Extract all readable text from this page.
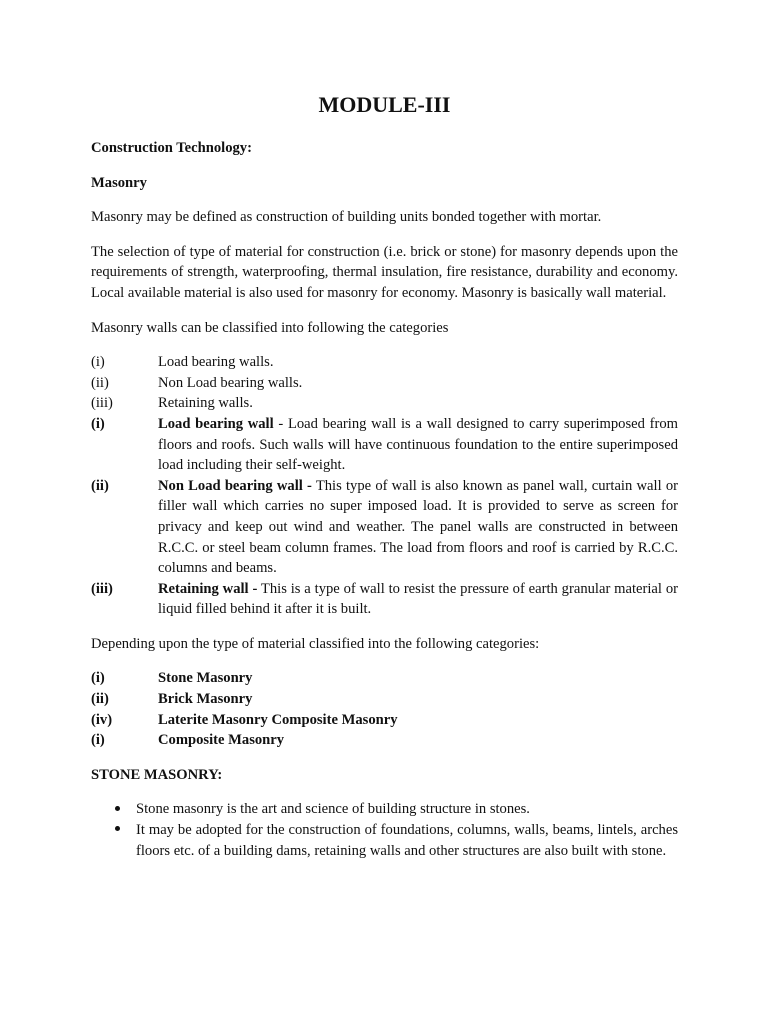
MODULE-III
Construction Technology:
Masonry

Masonry may be defined as construction of building units bonded together with mortar.

The selection of type of material for construction (i.e. brick or stone) for masonry depends upon the requirements of strength, waterproofing, thermal insulation, fire resistance, durability and economy. Local available material is also used for masonry for economy. Masonry is basically wall material.

Masonry walls can be classified into following the categories

(i)	Load bearing walls.
(ii)	Non Load bearing walls.
(iii)	Retaining walls.
(i)	Load bearing wall - Load bearing wall is a wall designed to carry superimposed from floors and roofs. Such walls will have continuous foundation to the entire superimposed load including their self-weight.
(ii)	Non Load bearing wall - This type of wall is also known as panel wall, curtain wall or filler wall which carries no super imposed load. It is provided to serve as screen for privacy and keep out wind and weather. The panel walls are constructed in between R.C.C. or steel beam column frames. The load from floors and roof is carried by R.C.C. columns and beams.
(iii)	Retaining wall - This is a type of wall to resist the pressure of earth granular material or liquid filled behind it after it is built.

Depending upon the type of material classified into the following categories:

(i)	Stone Masonry
(ii)	Brick Masonry
(iv)	Laterite Masonry Composite Masonry
(i)	Composite Masonry
STONE MASONRY:
Stone masonry is the art and science of building structure in stones.
It may be adopted for the construction of foundations, columns, walls, beams, lintels, arches floors etc. of a building dams, retaining walls and other structures are also built with stone.
